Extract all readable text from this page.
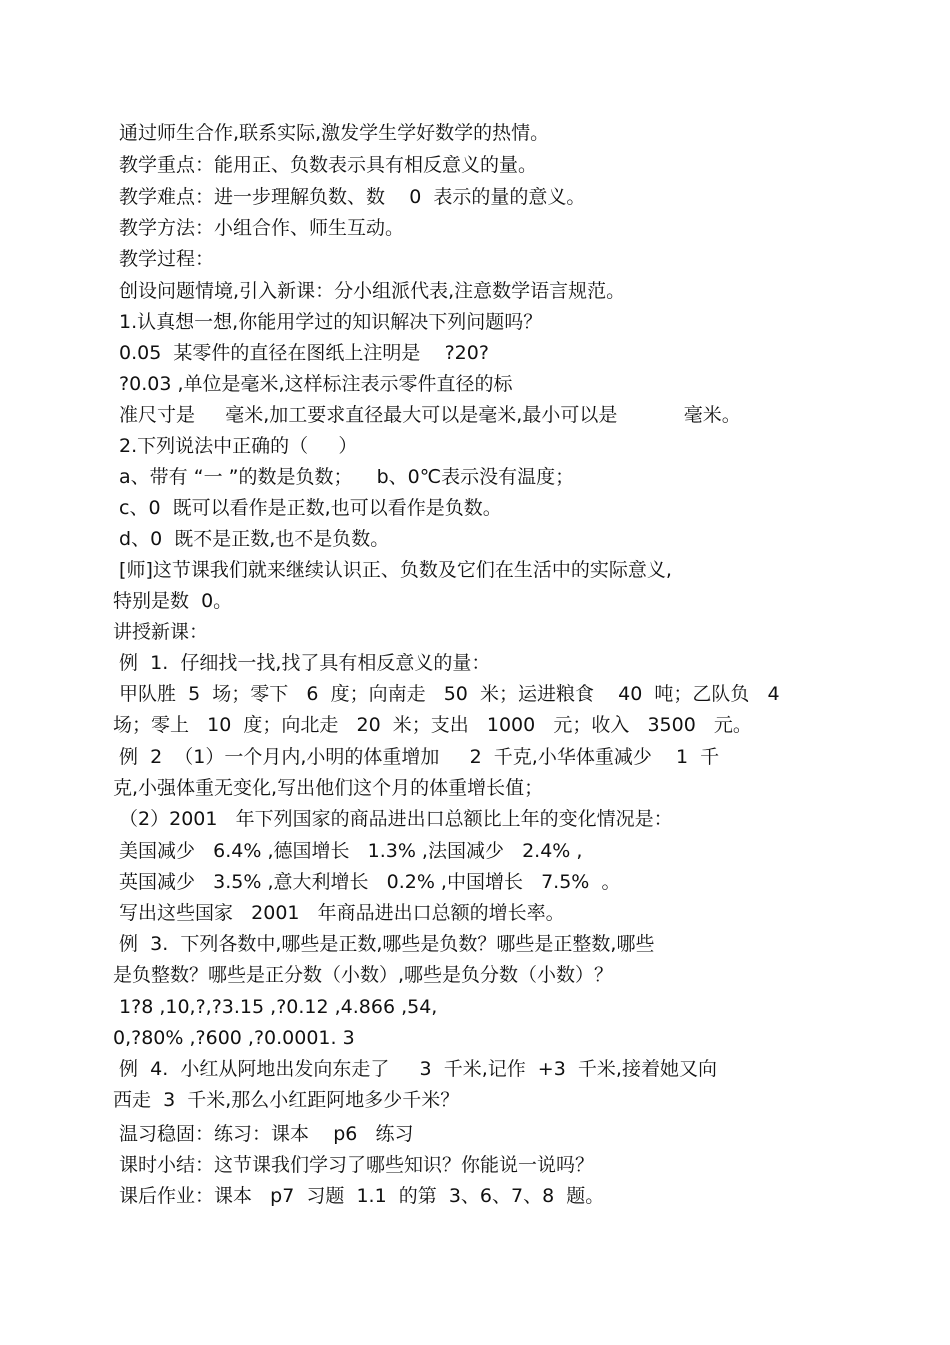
通过师生合作,联系实际,激发学生学好数学的热情。
教学重点：能用正、负数表示具有相反意义的量。
教学难点：进一步理解负数、数    0  表示的量的意义。
教学方法：小组合作、师生互动。
教学过程：
创设问题情境,引入新课：分小组派代表,注意数学语言规范。
1.认真想一想,你能用学过的知识解决下列问题吗？
0.05  某零件的直径在图纸上注明是    ?20?
?0.03 ,单位是毫米,这样标注表示零件直径的标
准尺寸是     毫米,加工要求直径最大可以是毫米,最小可以是           毫米。
2.下列说法中正确的（     ）
a、带有 “一 ”的数是负数；    b、0℃表示没有温度；
c、0  既可以看作是正数,也可以看作是负数。
d、0  既不是正数,也不是负数。
[师]这节课我们就来继续认识正、负数及它们在生活中的实际意义,
特别是数  0。
讲授新课：
例  1.  仔细找一找,找了具有相反意义的量：
甲队胜  5  场；零下   6  度；向南走   50  米；运进粮食    40  吨；乙队负   4
场；零上   10  度；向北走   20  米；支出   1000   元；收入   3500   元。
例  2  （1）一个月内,小明的体重增加     2  千克,小华体重减少    1  千
克,小强体重无变化,写出他们这个月的体重增长值；
（2）2001   年下列国家的商品进出口总额比上年的变化情况是：
美国减少   6.4% ,德国增长   1.3% ,法国减少   2.4% ,
英国减少   3.5% ,意大利增长   0.2% ,中国增长   7.5%  。
写出这些国家   2001   年商品进出口总额的增长率。
例  3.  下列各数中,哪些是正数,哪些是负数？哪些是正整数,哪些
是负整数？哪些是正分数（小数）,哪些是负分数（小数）？
1?8 ,10,?,?3.15 ,?0.12 ,4.866 ,54,
0,?80% ,?600 ,?0.0001. 3
例  4.  小红从阿地出发向东走了     3  千米,记作  +3  千米,接着她又向
西走  3  千米,那么小红距阿地多少千米？
温习稳固：练习：课本    p6   练习
课时小结：这节课我们学习了哪些知识？你能说一说吗？
课后作业：课本   p7  习题  1.1  的第  3、6、7、8  题。
